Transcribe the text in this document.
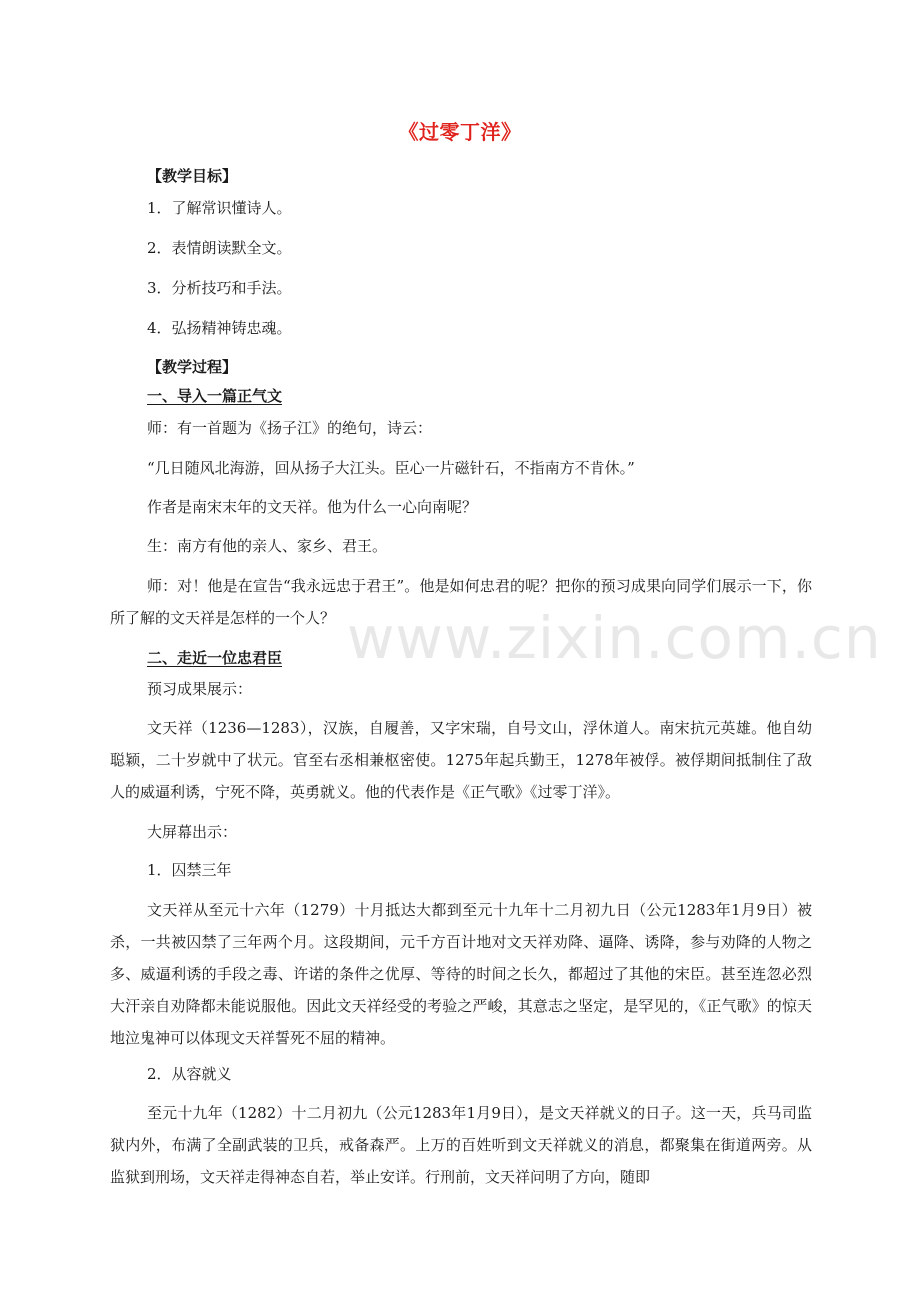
《过零丁洋》
【教学目标】
1．了解常识懂诗人。
2．表情朗读默全文。
3．分析技巧和手法。
4．弘扬精神铸忠魂。
【教学过程】
一、导入一篇正气文
师：有一首题为《扬子江》的绝句，诗云：
“几日随风北海游，回从扬子大江头。臣心一片磁针石，不指南方不肯休。”
作者是南宋末年的文天祥。他为什么一心向南呢？
生：南方有他的亲人、家乡、君王。
师：对！他是在宣告“我永远忠于君王”。他是如何忠君的呢？把你的预习成果向同学们展示一下，你所了解的文天祥是怎样的一个人？
二、走近一位忠君臣
预习成果展示：
文天祥（1236—1283），汉族，自履善，又字宋瑞，自号文山，浮休道人。南宋抗元英雄。他自幼聪颖，二十岁就中了状元。官至右丞相兼枢密使。1275年起兵勤王，1278年被俘。被俘期间抵制住了敌人的威逼利诱，宁死不降，英勇就义。他的代表作是《正气歌》《过零丁洋》。
大屏幕出示：
1．囚禁三年
文天祥从至元十六年（1279）十月抵达大都到至元十九年十二月初九日（公元1283年1月9日）被杀，一共被囚禁了三年两个月。这段期间，元千方百计地对文天祥劝降、逼降、诱降，参与劝降的人物之多、威逼利诱的手段之毒、许诺的条件之优厚、等待的时间之长久，都超过了其他的宋臣。甚至连忽必烈大汗亲自劝降都未能说服他。因此文天祥经受的考验之严峻，其意志之坚定，是罕见的，《正气歌》的惊天地泣鬼神可以体现文天祥誓死不屈的精神。
2．从容就义
至元十九年（1282）十二月初九（公元1283年1月9日），是文天祥就义的日子。这一天，兵马司监狱内外，布满了全副武装的卫兵，戒备森严。上万的百姓听到文天祥就义的消息，都聚集在街道两旁。从监狱到刑场，文天祥走得神态自若，举止安详。行刑前，文天祥问明了方向，随即
www.zixin.com.cn
